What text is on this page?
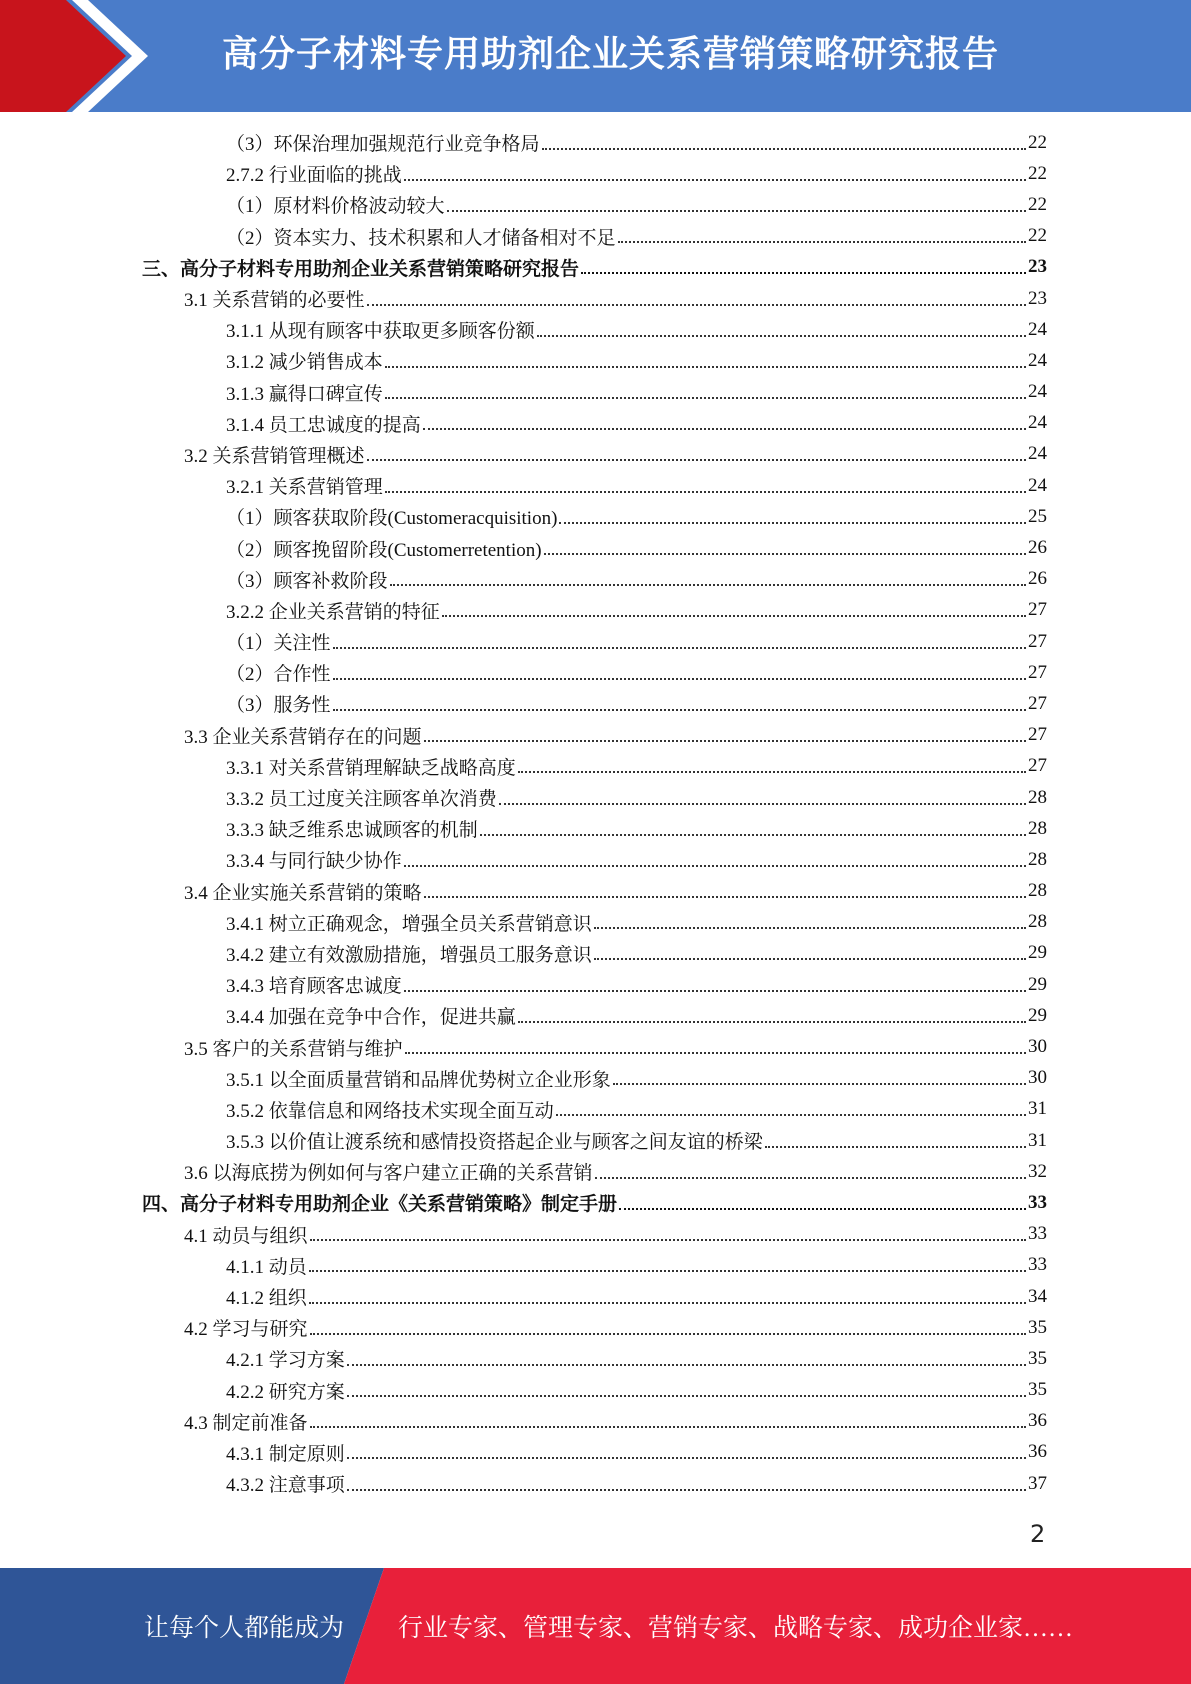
高分子材料专用助剂企业关系营销策略研究报告
（3）环保治理加强规范行业竞争格局	22
2.7.2 行业面临的挑战	22
（1）原材料价格波动较大	22
（2）资本实力、技术积累和人才储备相对不足	22
三、高分子材料专用助剂企业关系营销策略研究报告	23
3.1 关系营销的必要性	23
3.1.1 从现有顾客中获取更多顾客份额	24
3.1.2 减少销售成本	24
3.1.3 赢得口碑宣传	24
3.1.4 员工忠诚度的提高	24
3.2 关系营销管理概述	24
3.2.1 关系营销管理	24
（1）顾客获取阶段(Customeracquisition)	25
（2）顾客挽留阶段(Customerretention)	26
（3）顾客补救阶段	26
3.2.2 企业关系营销的特征	27
（1）关注性	27
（2）合作性	27
（3）服务性	27
3.3 企业关系营销存在的问题	27
3.3.1 对关系营销理解缺乏战略高度	27
3.3.2 员工过度关注顾客单次消费	28
3.3.3 缺乏维系忠诚顾客的机制	28
3.3.4 与同行缺少协作	28
3.4 企业实施关系营销的策略	28
3.4.1 树立正确观念，增强全员关系营销意识	28
3.4.2 建立有效激励措施，增强员工服务意识	29
3.4.3 培育顾客忠诚度	29
3.4.4 加强在竞争中合作，促进共赢	29
3.5 客户的关系营销与维护	30
3.5.1 以全面质量营销和品牌优势树立企业形象	30
3.5.2 依靠信息和网络技术实现全面互动	31
3.5.3 以价值让渡系统和感情投资搭起企业与顾客之间友谊的桥梁	31
3.6 以海底捞为例如何与客户建立正确的关系营销	32
四、高分子材料专用助剂企业《关系营销策略》制定手册	33
4.1 动员与组织	33
4.1.1 动员	33
4.1.2 组织	34
4.2 学习与研究	35
4.2.1 学习方案	35
4.2.2 研究方案	35
4.3 制定前准备	36
4.3.1 制定原则	36
4.3.2 注意事项	37
2
让每个人都能成为 行业专家、管理专家、营销专家、战略专家、成功企业家……
